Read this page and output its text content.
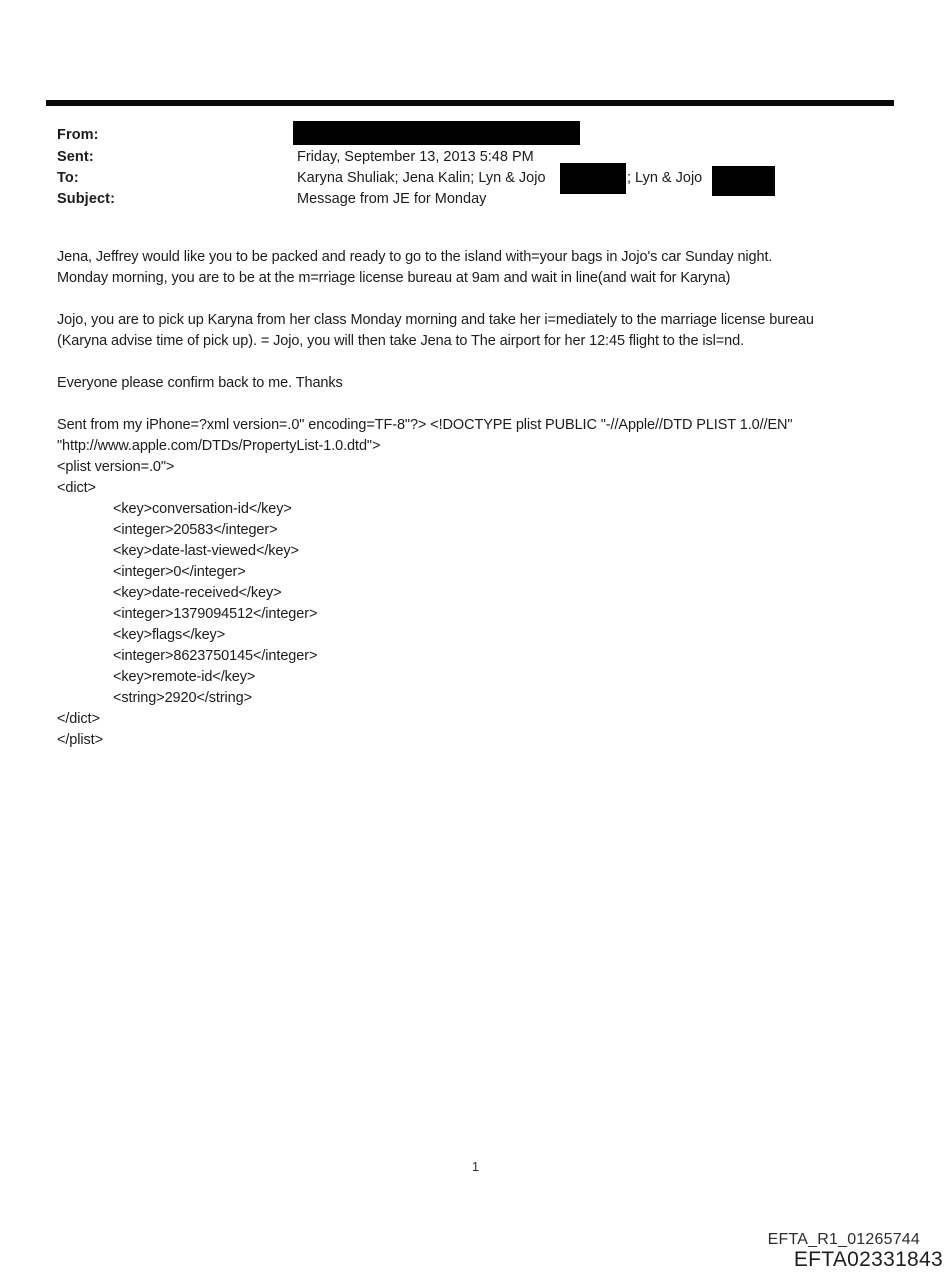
From:
Sent:	Friday, September 13, 2013 5:48 PM
To:	Karyna Shuliak; Jena Kalin; Lyn & Jojo	; Lyn & Jojo
Subject:	Message from JE for Monday
Jena, Jeffrey would like you to be packed and ready to go to the island with=your bags in Jojo's car Sunday night.
Monday morning, you are to be at the m=rriage license bureau at 9am and wait in line(and wait for Karyna)
Jojo, you are to pick up Karyna from her class Monday morning and take her i=mediately to the marriage license bureau
(Karyna advise time of pick up). = Jojo, you will then take Jena to The airport for her 12:45 flight to the isl=nd.
Everyone please confirm back to me. Thanks
Sent from my iPhone=?xml version=.0" encoding=TF-8"?> <!DOCTYPE plist PUBLIC "-//Apple//DTD PLIST 1.0//EN"
"http://www.apple.com/DTDs/PropertyList-1.0.dtd">
<plist version=.0">
<dict>
<key>conversation-id</key>
<integer>20583</integer>
<key>date-last-viewed</key>
<integer>0</integer>
<key>date-received</key>
<integer>1379094512</integer>
<key>flags</key>
<integer>8623750145</integer>
<key>remote-id</key>
<string>2920</string>
</dict>
</plist>
1
EFTA_R1_01265744
EFTA02331843
